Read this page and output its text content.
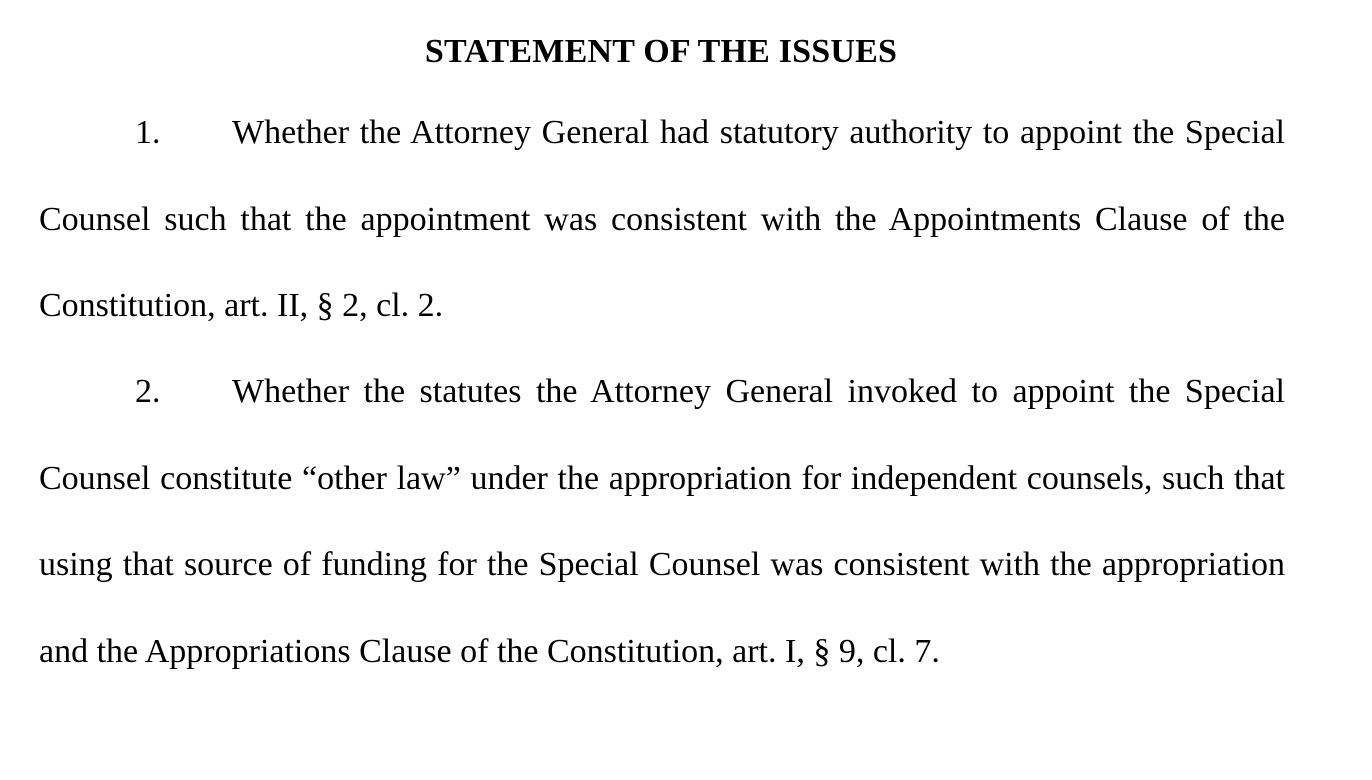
STATEMENT OF THE ISSUES

1. Whether the Attorney General had statutory authority to appoint the Special Counsel such that the appointment was consistent with the Appointments Clause of the Constitution, art. II, § 2, cl. 2.

2. Whether the statutes the Attorney General invoked to appoint the Special Counsel constitute “other law” under the appropriation for independent counsels, such that using that source of funding for the Special Counsel was consistent with the appropriation and the Appropriations Clause of the Constitution, art. I, § 9, cl. 7.
